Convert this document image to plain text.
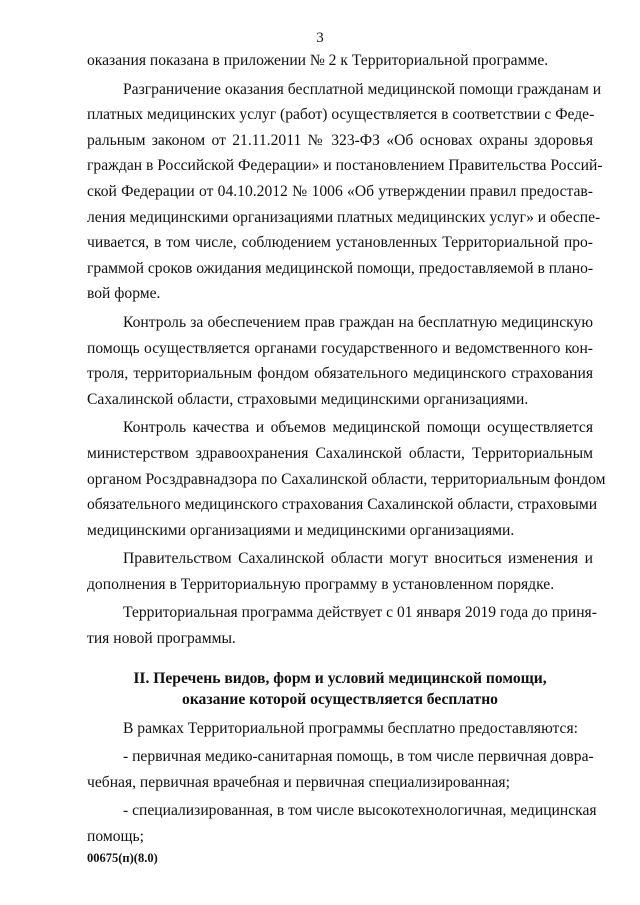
3

оказания показана в приложении № 2 к Территориальной программе.

Разграничение оказания бесплатной медицинской помощи гражданам и
платных медицинских услуг (работ) осуществляется в соответствии с Феде-
ральным законом от 21.11.2011 № 323-ФЗ «Об основах охраны здоровья
граждан в Российской Федерации» и постановлением Правительства Россий-
ской Федерации от 04.10.2012 № 1006 «Об утверждении правил предостав-
ления медицинскими организациями платных медицинских услуг» и обеспе-
чивается, в том числе, соблюдением установленных Территориальной про-
граммой сроков ожидания медицинской помощи, предоставляемой в планo-
вой форме.

Контроль за обеспечением прав граждан на бесплатную медицинскую
помощь осуществляется органами государственного и ведомственного кон-
троля, территориальным фондом обязательного медицинского страхования
Сахалинской области, страховыми медицинскими организациями.

Контроль качества и объемов медицинской помощи осуществляется
министерством здравоохранения Сахалинской области, Территориальным
органом Росздравнадзора по Сахалинской области, территориальным фондом
обязательного медицинского страхования Сахалинской области, страховыми
медицинскими организациями и медицинскими организациями.

Правительством Сахалинской области могут вноситься изменения и
дополнения в Территориальную программу в установленном порядке.

Территориальная программа действует с 01 января 2019 года до приня-
тия новой программы.

II. Перечень видов, форм и условий медицинской помощи,
оказание которой осуществляется бесплатно

В рамках Территориальной программы бесплатно предоставляются:

- первичная медико-санитарная помощь, в том числе первичная довра-
чебная, первичная врачебная и первичная специализированная;

- специализированная, в том числе высокотехнологичная, медицинская
помощь;

00675(п)(8.0)
